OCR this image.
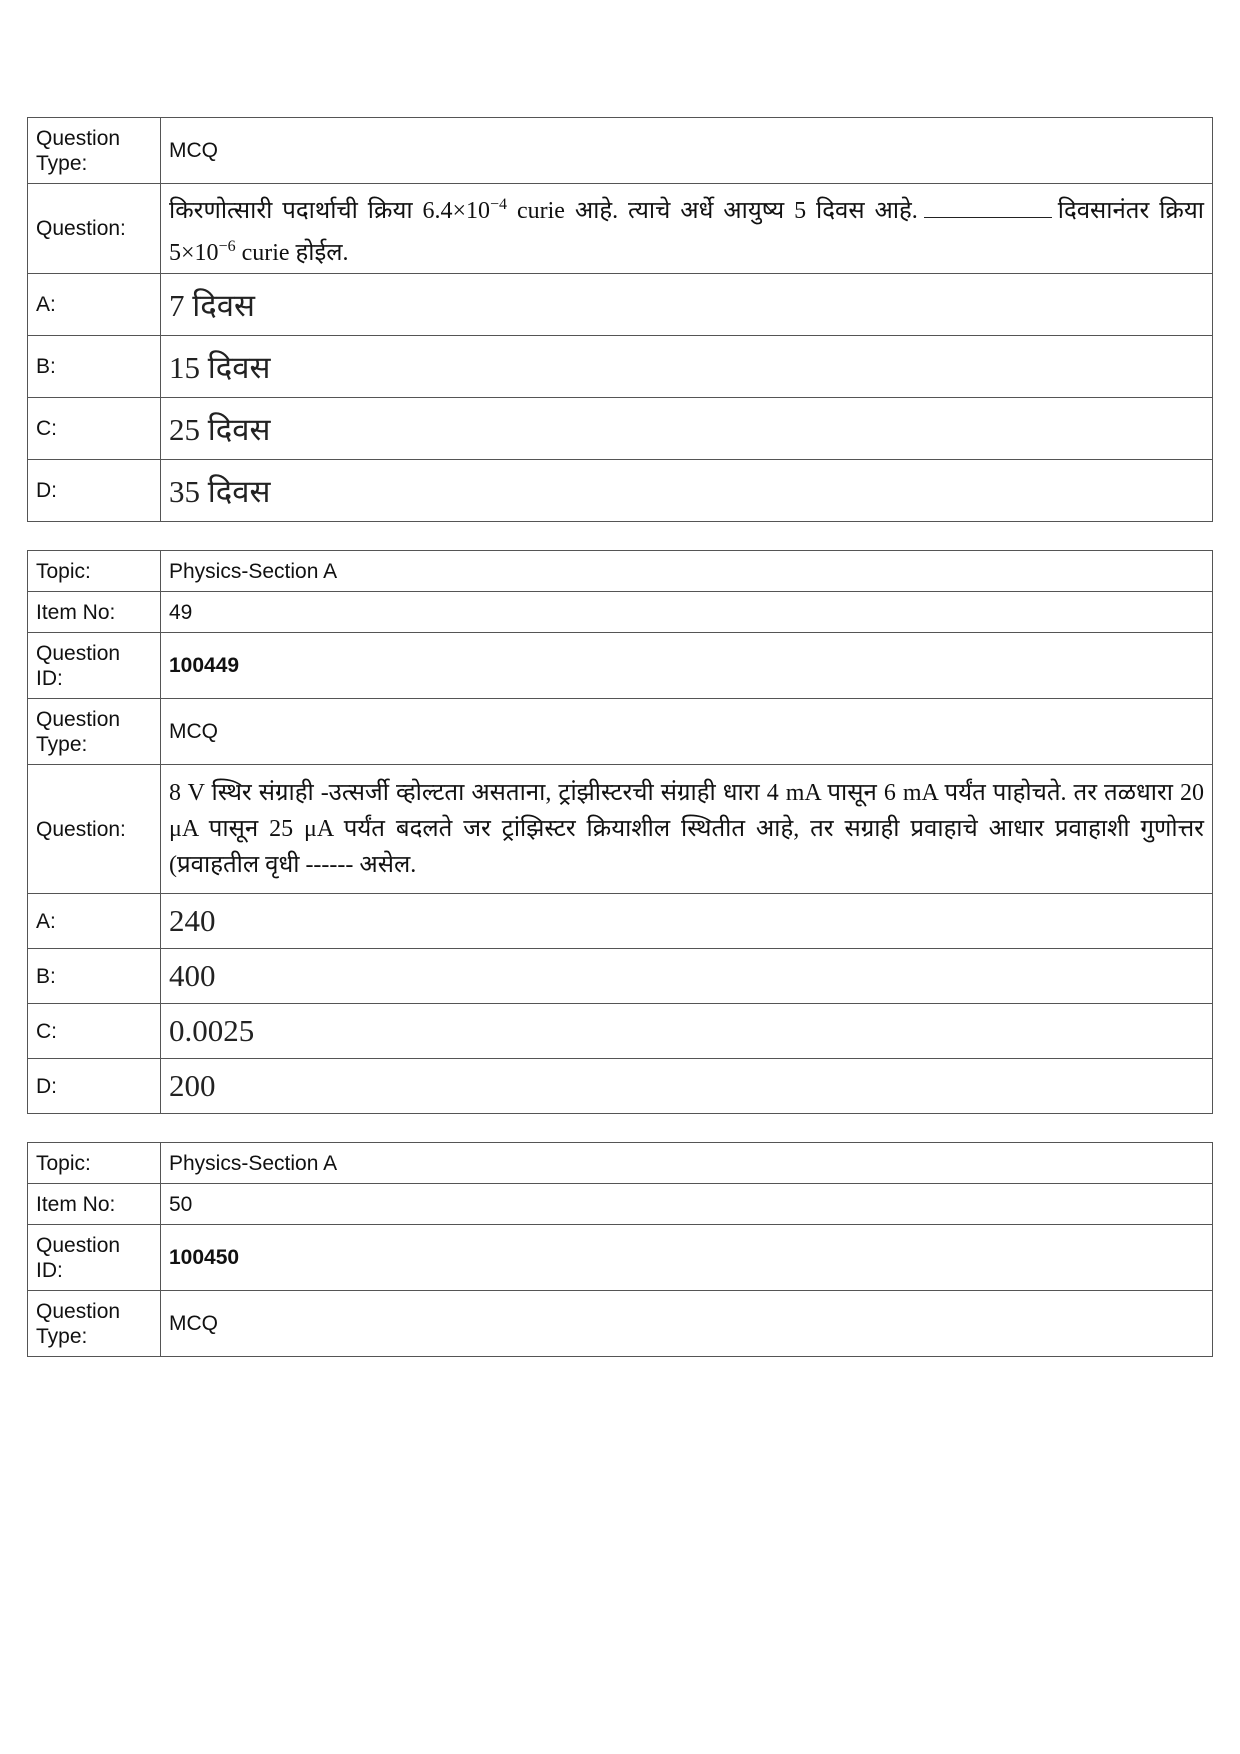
Question Type:	MCQ
Question:	किरणोत्सारी पदार्थाची क्रिया $6.4\times 10^{-4}$ curie आहे. त्याचे अर्धे आयुष्य 5 दिवस आहे. दिवसानंतर क्रिया $5\times 10^{-6}$ curie होईल.
A:	7 दिवस
B:	15 दिवस
C:	25 दिवस
D:	35 दिवस
Topic:	Physics-Section A
Item No:	49
Question ID:	100449
Question Type:	MCQ
Question:	8 V स्थिर संग्राही -उत्सर्जी व्होल्टता असताना, ट्रांझीस्टरची संग्राही धारा 4 mA पासून 6 mA पर्यंत पाहोचते. तर तळधारा 20 μA पासून 25 μA पर्यंत बदलते जर ट्रांझिस्टर क्रियाशील स्थितीत आहे, तर सग्राही प्रवाहाचे आधार प्रवाहाशी गुणोत्तर (प्रवाहतील वृधी ------ असेल.
A:	240
B:	400
C:	0.0025
D:	200
Topic:	Physics-Section A
Item No:	50
Question ID:	100450
Question Type:	MCQ
